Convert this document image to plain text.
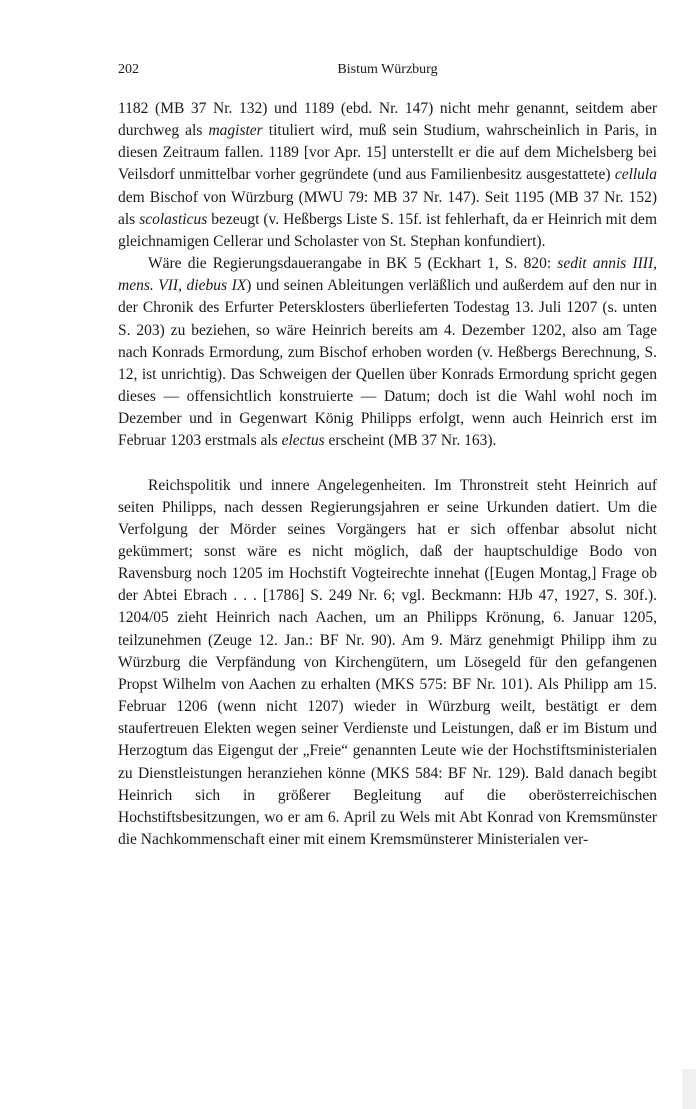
202	Bistum Würzburg

1182 (MB 37 Nr. 132) und 1189 (ebd. Nr. 147) nicht mehr genannt, seitdem aber durchweg als magister tituliert wird, muß sein Studium, wahrscheinlich in Paris, in diesen Zeitraum fallen. 1189 [vor Apr. 15] unterstellt er die auf dem Michelsberg bei Veilsdorf unmittelbar vorher gegründete (und aus Familienbesitz ausgestattete) cellula dem Bischof von Würzburg (MWU 79: MB 37 Nr. 147). Seit 1195 (MB 37 Nr. 152) als scolasticus bezeugt (v. Heßbergs Liste S. 15f. ist fehlerhaft, da er Heinrich mit dem gleichnamigen Cellerar und Scholaster von St. Stephan konfundiert).

Wäre die Regierungsdauerangabe in BK 5 (Eckhart 1, S. 820: sedit annis IIII, mens. VII, diebus IX) und seinen Ableitungen verläßlich und außerdem auf den nur in der Chronik des Erfurter Petersklosters überlieferten Todestag 13. Juli 1207 (s. unten S. 203) zu beziehen, so wäre Heinrich bereits am 4. Dezember 1202, also am Tage nach Konrads Ermordung, zum Bischof erhoben worden (v. Heßbergs Berechnung, S. 12, ist unrichtig). Das Schweigen der Quellen über Konrads Ermordung spricht gegen dieses — offensichtlich konstruierte — Datum; doch ist die Wahl wohl noch im Dezember und in Gegenwart König Philipps erfolgt, wenn auch Heinrich erst im Februar 1203 erstmals als electus erscheint (MB 37 Nr. 163).

Reichspolitik und innere Angelegenheiten. Im Thronstreit steht Heinrich auf seiten Philipps, nach dessen Regierungsjahren er seine Urkunden datiert. Um die Verfolgung der Mörder seines Vorgängers hat er sich offenbar absolut nicht gekümmert; sonst wäre es nicht möglich, daß der hauptschuldige Bodo von Ravensburg noch 1205 im Hochstift Vogteirechte innehat ([Eugen Montag,] Frage ob der Abtei Ebrach . . . [1786] S. 249 Nr. 6; vgl. Beckmann: HJb 47, 1927, S. 30f.). 1204/05 zieht Heinrich nach Aachen, um an Philipps Krönung, 6. Januar 1205, teilzunehmen (Zeuge 12. Jan.: BF Nr. 90). Am 9. März genehmigt Philipp ihm zu Würzburg die Verpfändung von Kirchengütern, um Lösegeld für den gefangenen Propst Wilhelm von Aachen zu erhalten (MKS 575: BF Nr. 101). Als Philipp am 15. Februar 1206 (wenn nicht 1207) wieder in Würzburg weilt, bestätigt er dem staufertreuen Elekten wegen seiner Verdienste und Leistungen, daß er im Bistum und Herzogtum das Eigengut der „Freie“ genannten Leute wie der Hochstiftsministerialen zu Dienstleistungen heranziehen könne (MKS 584: BF Nr. 129). Bald danach begibt Heinrich sich in größerer Begleitung auf die oberösterreichischen Hochstiftsbesitzungen, wo er am 6. April zu Wels mit Abt Konrad von Kremsmünster die Nachkommenschaft einer mit einem Kremsmünsterer Ministerialen ver-
